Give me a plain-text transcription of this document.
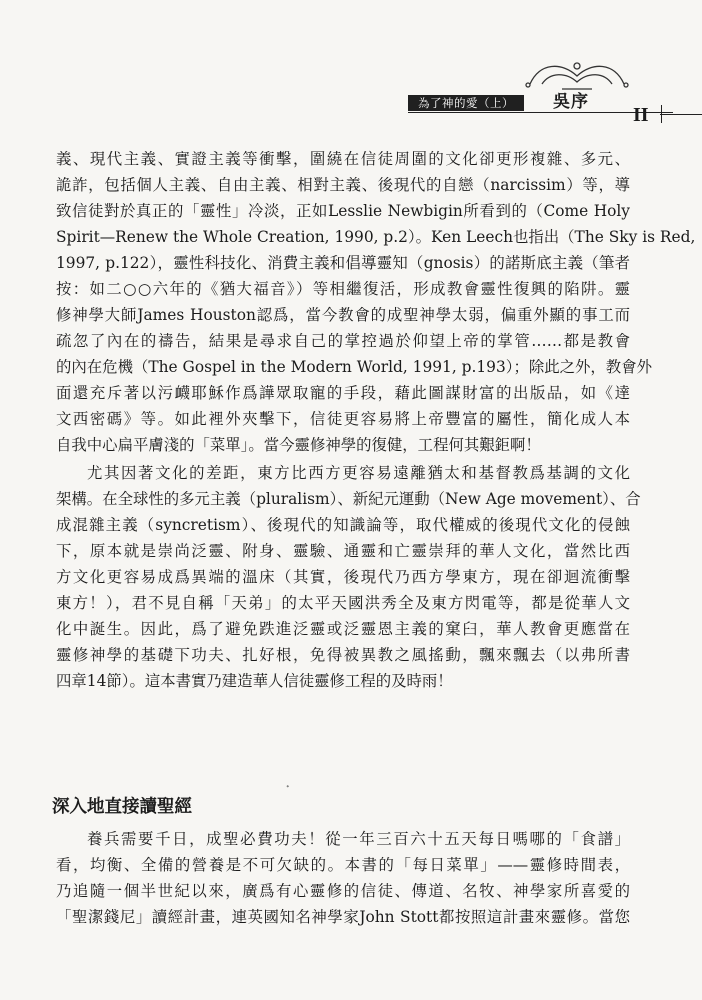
為了神的愛（上）	吳序
II
義、現代主義、實證主義等衝擊，圍繞在信徒周圍的文化卻更形複雜、多元、
詭詐，包括個人主義、自由主義、相對主義、後現代的自戀（narcissim）等，導
致信徒對於真正的「靈性」冷淡，正如Lesslie Newbigin所看到的（Come Holy
Spirit—Renew the Whole Creation, 1990, p.2）。Ken Leech也指出（The Sky is Red,
1997, p.122），靈性科技化、消費主義和倡導靈知（gnosis）的諾斯底主義（筆者
按：如二○○六年的《猶大福音》）等相繼復活，形成教會靈性復興的陷阱。靈
修神學大師James Houston認爲，當今教會的成聖神學太弱，偏重外顯的事工而
疏忽了內在的禱告，結果是尋求自己的掌控過於仰望上帝的掌管……都是教會
的內在危機（The Gospel in the Modern World, 1991, p.193）；除此之外，教會外
面還充斥著以污衊耶穌作爲譁眾取寵的手段，藉此圖謀財富的出版品，如《達
文西密碼》等。如此裡外夾擊下，信徒更容易將上帝豐富的屬性，簡化成人本
自我中心扁平膚淺的「菜單」。當今靈修神學的復健，工程何其艱鉅啊！
尤其因著文化的差距，東方比西方更容易遠離猶太和基督教爲基調的文化
架構。在全球性的多元主義（pluralism）、新紀元運動（New Age movement）、合
成混雜主義（syncretism）、後現代的知識論等，取代權威的後現代文化的侵蝕
下，原本就是崇尚泛靈、附身、靈驗、通靈和亡靈崇拜的華人文化，當然比西
方文化更容易成爲異端的溫床（其實，後現代乃西方學東方，現在卻迴流衝擊
東方！），君不見自稱「天弟」的太平天國洪秀全及東方閃電等，都是從華人文
化中誕生。因此，爲了避免跌進泛靈或泛靈恩主義的窠臼，華人教會更應當在
靈修神學的基礎下功夫、扎好根，免得被異教之風搖動，飄來飄去（以弗所書
四章14節）。這本書實乃建造華人信徒靈修工程的及時雨！
ᐩ
深入地直接讀聖經
養兵需要千日，成聖必費功夫！從一年三百六十五天每日嗎哪的「食譜」
看，均衡、全備的營養是不可欠缺的。本書的「每日菜單」——靈修時間表，
乃追隨一個半世紀以來，廣爲有心靈修的信徒、傳道、名牧、神學家所喜愛的
「聖潔錢尼」讀經計畫，連英國知名神學家John Stott都按照這計畫來靈修。當您
